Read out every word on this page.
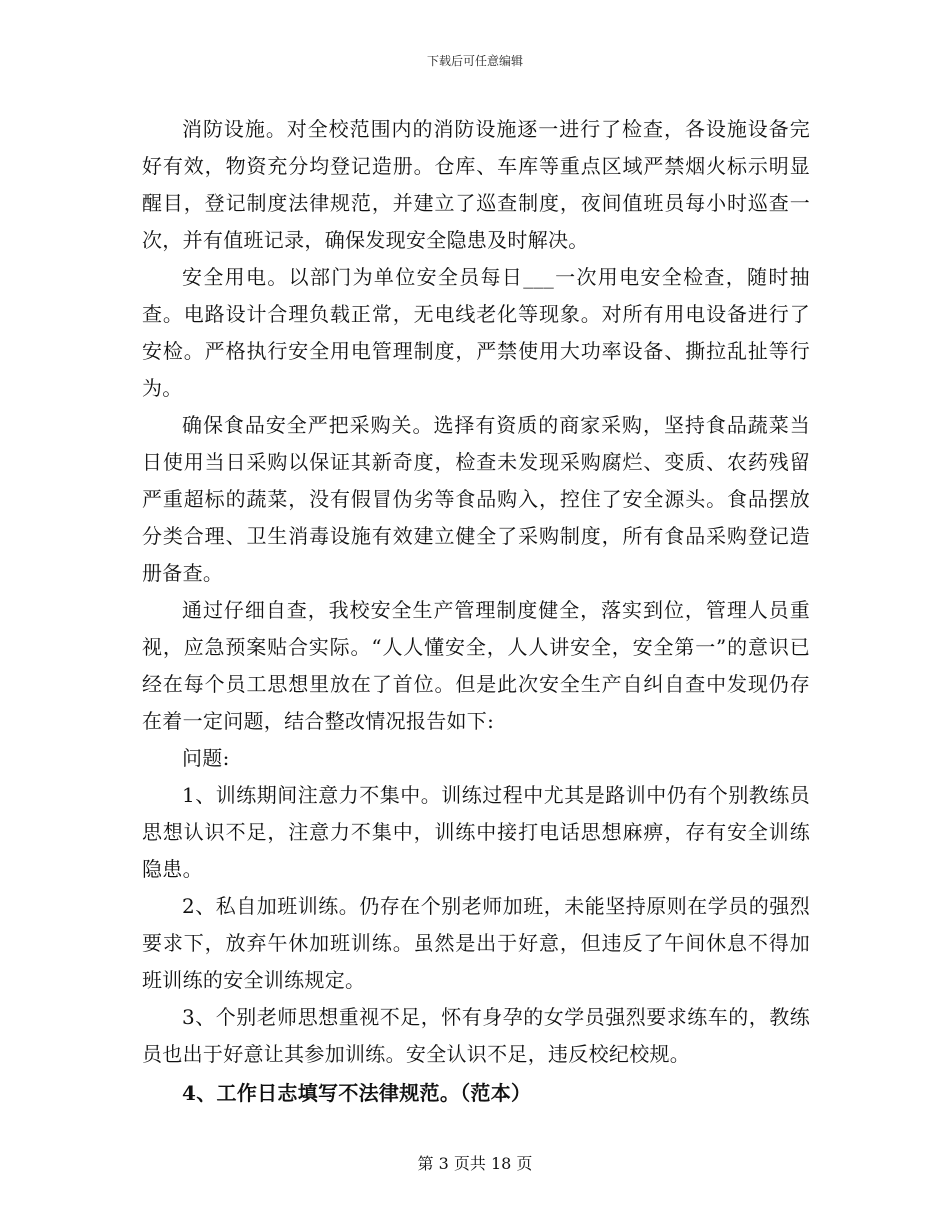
下载后可任意编辑

消防设施。对全校范围内的消防设施逐一进行了检查，各设施设备完好有效，物资充分均登记造册。仓库、车库等重点区域严禁烟火标示明显醒目，登记制度法律规范，并建立了巡查制度，夜间值班员每小时巡查一次，并有值班记录，确保发现安全隐患及时解决。

安全用电。以部门为单位安全员每日___一次用电安全检查，随时抽查。电路设计合理负载正常，无电线老化等现象。对所有用电设备进行了安检。严格执行安全用电管理制度，严禁使用大功率设备、撕拉乱扯等行为。

确保食品安全严把采购关。选择有资质的商家采购，坚持食品蔬菜当日使用当日采购以保证其新奇度，检查未发现采购腐烂、变质、农药残留严重超标的蔬菜，没有假冒伪劣等食品购入，控住了安全源头。食品摆放分类合理、卫生消毒设施有效建立健全了采购制度，所有食品采购登记造册备查。

通过仔细自查，我校安全生产管理制度健全，落实到位，管理人员重视，应急预案贴合实际。“人人懂安全，人人讲安全，安全第一”的意识已经在每个员工思想里放在了首位。但是此次安全生产自纠自查中发现仍存在着一定问题，结合整改情况报告如下:

问题:

1、训练期间注意力不集中。训练过程中尤其是路训中仍有个别教练员思想认识不足，注意力不集中，训练中接打电话思想麻痹，存有安全训练隐患。

2、私自加班训练。仍存在个别老师加班，未能坚持原则在学员的强烈要求下，放弃午休加班训练。虽然是出于好意，但违反了午间休息不得加班训练的安全训练规定。

3、个别老师思想重视不足，怀有身孕的女学员强烈要求练车的，教练员也出于好意让其参加训练。安全认识不足，违反校纪校规。

4、工作日志填写不法律规范。（范本）

第 3 页共 18 页
